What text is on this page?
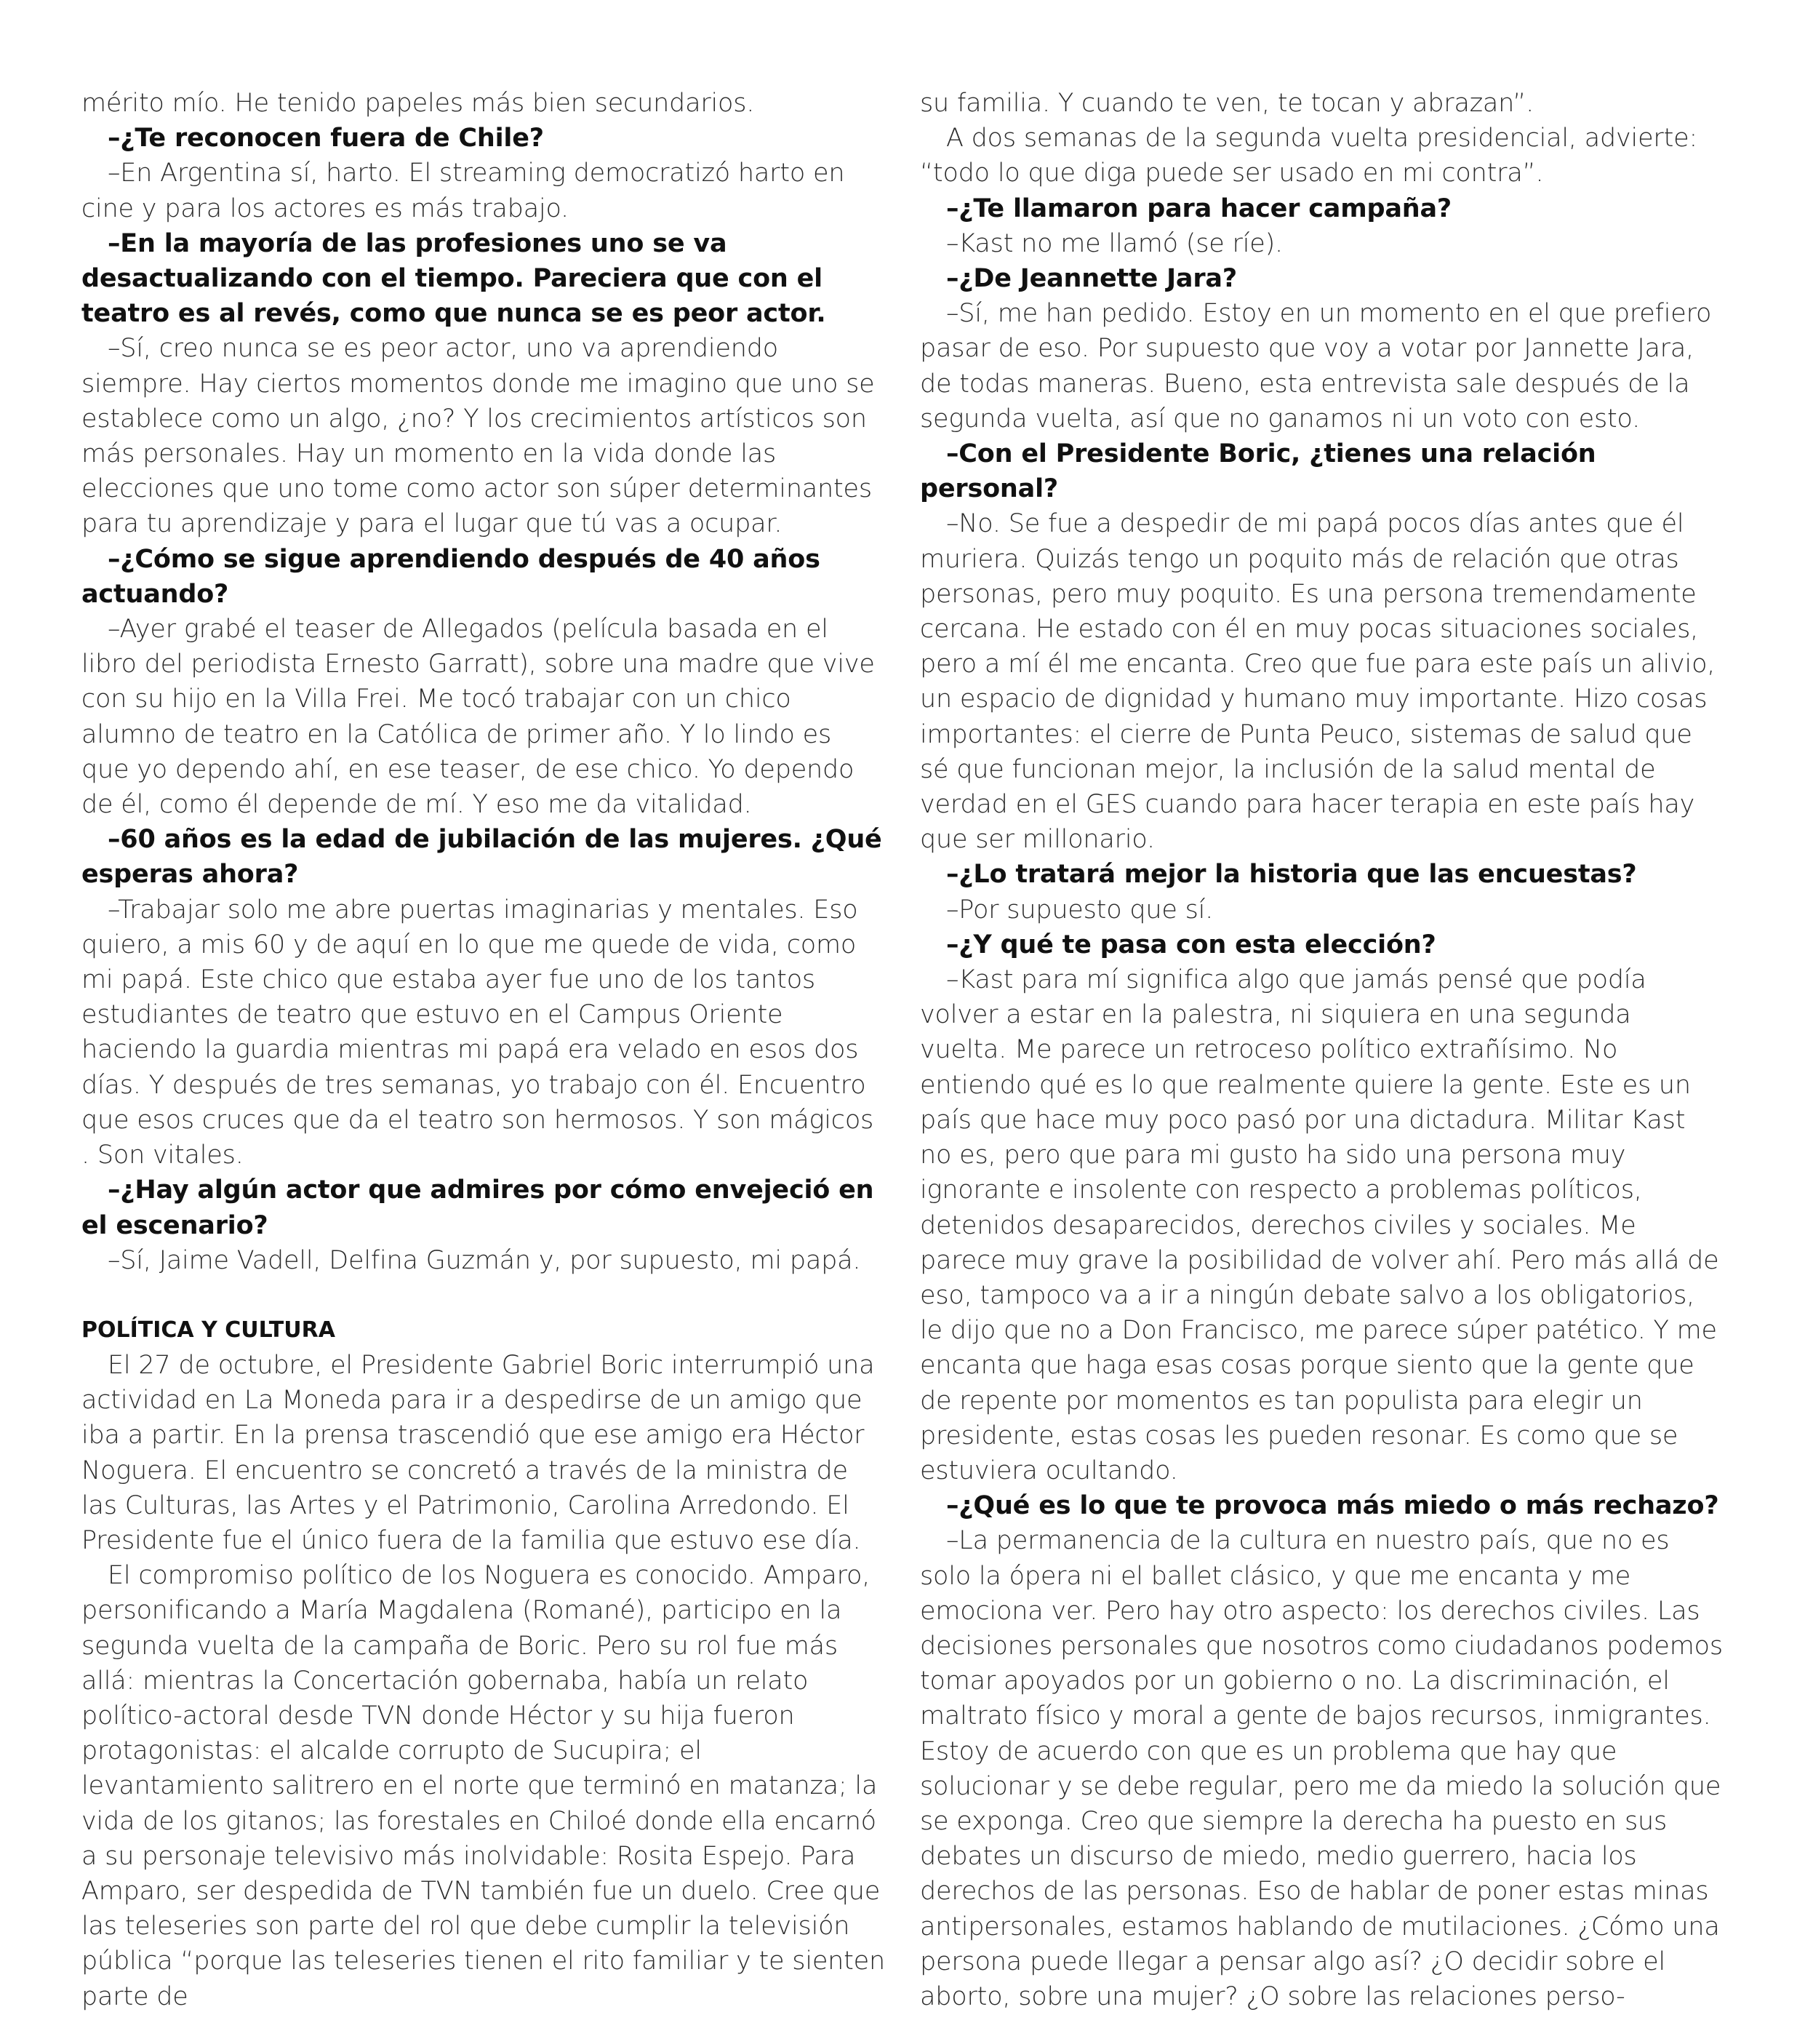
mérito mío. He tenido papeles más bien secundarios.

–¿Te reconocen fuera de Chile?

–En Argentina sí, harto. El streaming democratizó harto en cine y para los actores es más trabajo.

–En la mayoría de las profesiones uno se va desactualizando con el tiempo. Pareciera que con el teatro es al revés, como que nunca se es peor actor.

–Sí, creo nunca se es peor actor, uno va aprendiendo siempre. Hay ciertos momentos donde me imagino que uno se establece como un algo, ¿no? Y los crecimientos artísticos son más personales. Hay un momento en la vida donde las elecciones que uno tome como actor son súper determinantes para tu aprendizaje y para el lugar que tú vas a ocupar.

–¿Cómo se sigue aprendiendo después de 40 años actuando?

–Ayer grabé el teaser de Allegados (película basada en el libro del periodista Ernesto Garratt), sobre una madre que vive con su hijo en la Villa Frei. Me tocó trabajar con un chico alumno de teatro en la Católica de primer año. Y lo lindo es que yo dependo ahí, en ese teaser, de ese chico. Yo dependo de él, como él depende de mí. Y eso me da vitalidad.

–60 años es la edad de jubilación de las mujeres. ¿Qué esperas ahora?

–Trabajar solo me abre puertas imaginarias y mentales. Eso quiero, a mis 60 y de aquí en lo que me quede de vida, como mi papá. Este chico que estaba ayer fue uno de los tantos estudiantes de teatro que estuvo en el Campus Oriente haciendo la guardia mientras mi papá era velado en esos dos días. Y después de tres semanas, yo trabajo con él. Encuentro que esos cruces que da el teatro son hermosos. Y son mágicos . Son vitales.

–¿Hay algún actor que admires por cómo envejeció en el escenario?

–Sí, Jaime Vadell, Delfina Guzmán y, por supuesto, mi papá.

POLÍTICA Y CULTURA

El 27 de octubre, el Presidente Gabriel Boric interrumpió una actividad en La Moneda para ir a despedirse de un amigo que iba a partir. En la prensa trascendió que ese amigo era Héctor Noguera. El encuentro se concretó a través de la ministra de las Culturas, las Artes y el Patrimonio, Carolina Arredondo. El Presidente fue el único fuera de la familia que estuvo ese día.

El compromiso político de los Noguera es conocido. Amparo, personificando a María Magdalena (Romané), participo en la segunda vuelta de la campaña de Boric. Pero su rol fue más allá: mientras la Concertación gobernaba, había un relato político-actoral desde TVN donde Héctor y su hija fueron protagonistas: el alcalde corrupto de Sucupira; el levantamiento salitrero en el norte que terminó en matanza; la vida de los gitanos; las forestales en Chiloé donde ella encarnó a su personaje televisivo más inolvidable: Rosita Espejo. Para Amparo, ser despedida de TVN también fue un duelo. Cree que las teleseries son parte del rol que debe cumplir la televisión pública “porque las teleseries tienen el rito familiar y te sienten parte de

su familia. Y cuando te ven, te tocan y abrazan”.

A dos semanas de la segunda vuelta presidencial, advierte: “todo lo que diga puede ser usado en mi contra”.

–¿Te llamaron para hacer campaña?

–Kast no me llamó (se ríe).

–¿De Jeannette Jara?

–Sí, me han pedido. Estoy en un momento en el que prefiero pasar de eso. Por supuesto que voy a votar por Jannette Jara, de todas maneras. Bueno, esta entrevista sale después de la segunda vuelta, así que no ganamos ni un voto con esto.

–Con el Presidente Boric, ¿tienes una relación personal?

–No. Se fue a despedir de mi papá pocos días antes que él muriera. Quizás tengo un poquito más de relación que otras personas, pero muy poquito. Es una persona tremendamente cercana. He estado con él en muy pocas situaciones sociales, pero a mí él me encanta. Creo que fue para este país un alivio, un espacio de dignidad y humano muy importante. Hizo cosas importantes: el cierre de Punta Peuco, sistemas de salud que sé que funcionan mejor, la inclusión de la salud mental de verdad en el GES cuando para hacer terapia en este país hay que ser millonario.

–¿Lo tratará mejor la historia que las encuestas?

–Por supuesto que sí.

–¿Y qué te pasa con esta elección?

–Kast para mí significa algo que jamás pensé que podía volver a estar en la palestra, ni siquiera en una segunda vuelta. Me parece un retroceso político extrañísimo. No entiendo qué es lo que realmente quiere la gente. Este es un país que hace muy poco pasó por una dictadura. Militar Kast no es, pero que para mi gusto ha sido una persona muy ignorante e insolente con respecto a problemas políticos, detenidos desaparecidos, derechos civiles y sociales. Me parece muy grave la posibilidad de volver ahí. Pero más allá de eso, tampoco va a ir a ningún debate salvo a los obligatorios, le dijo que no a Don Francisco, me parece súper patético. Y me encanta que haga esas cosas porque siento que la gente que de repente por momentos es tan populista para elegir un presidente, estas cosas les pueden resonar. Es como que se estuviera ocultando.

–¿Qué es lo que te provoca más miedo o más rechazo?

–La permanencia de la cultura en nuestro país, que no es solo la ópera ni el ballet clásico, y que me encanta y me emociona ver. Pero hay otro aspecto: los derechos civiles. Las decisiones personales que nosotros como ciudadanos podemos tomar apoyados por un gobierno o no. La discriminación, el maltrato físico y moral a gente de bajos recursos, inmigrantes. Estoy de acuerdo con que es un problema que hay que solucionar y se debe regular, pero me da miedo la solución que se exponga. Creo que siempre la derecha ha puesto en sus debates un discurso de miedo, medio guerrero, hacia los derechos de las personas. Eso de hablar de poner estas minas antipersonales, estamos hablando de mutilaciones. ¿Cómo una persona puede llegar a pensar algo así? ¿O decidir sobre el aborto, sobre una mujer? ¿O sobre las relaciones perso-
